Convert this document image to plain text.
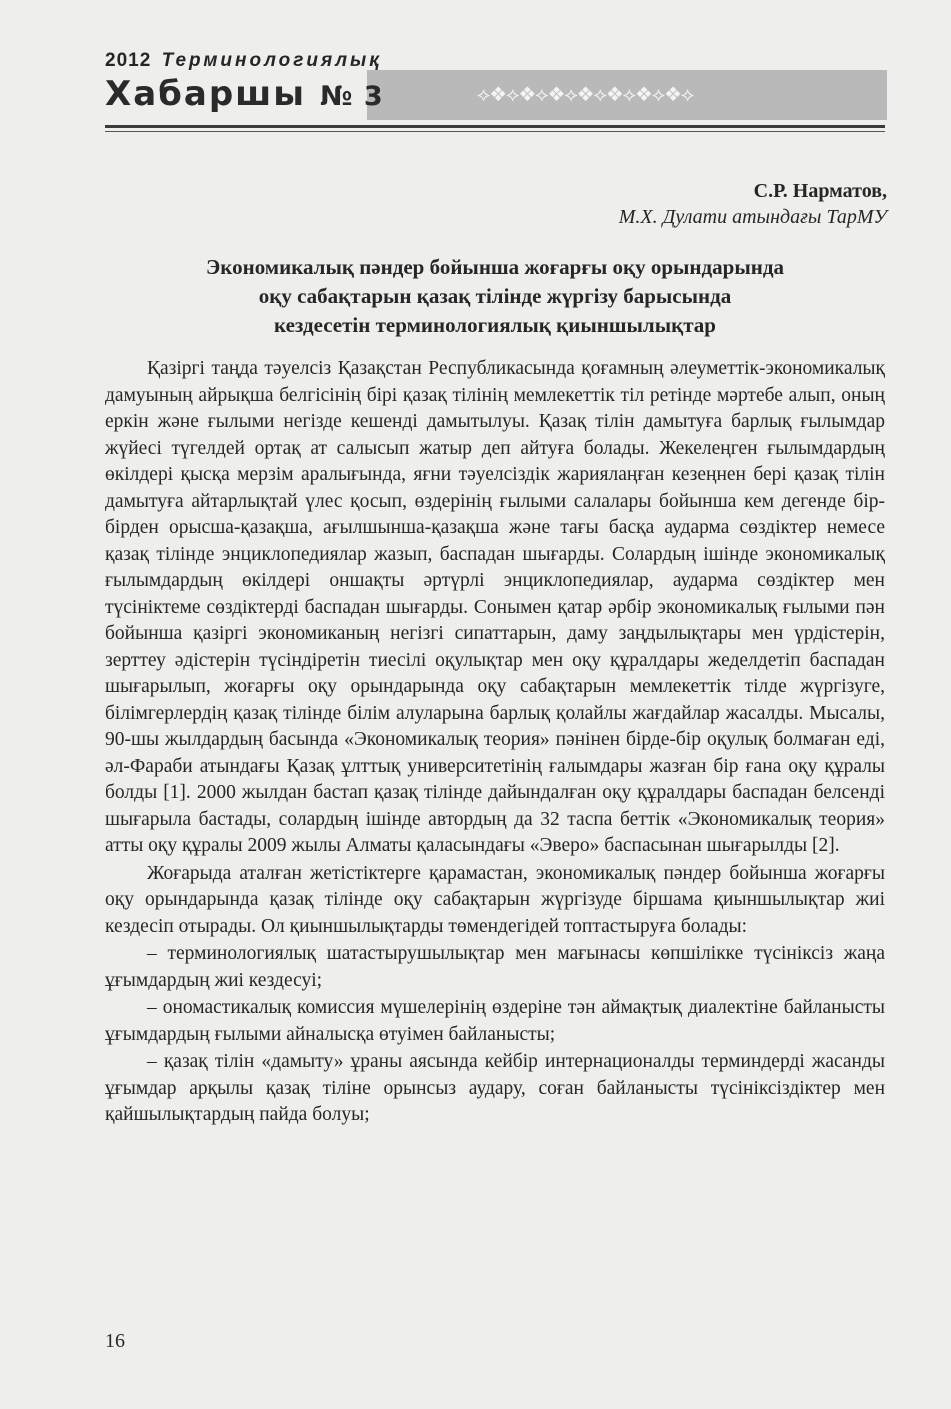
⟡❖⟡❖⟡❖⟡❖⟡❖⟡❖⟡❖⟡
2012 Терминологиялық
Хабаршы № 3
С.Р. Нарматов,
М.Х. Дулати атындағы ТарМУ
Экономикалық пәндер бойынша жоғарғы оқу орындарында
оқу сабақтарын қазақ тілінде жүргізу барысында
кездесетін терминологиялық қиыншылықтар

Қазіргі таңда тәуелсіз Қазақстан Республикасында қоғамның әлеуметтік-экономикалық дамуының айрықша белгісінің бірі қазақ тілінің мемлекеттік тіл ретінде мәртебе алып, оның еркін және ғылыми негізде кешенді дамытылуы. Қазақ тілін дамытуға барлық ғылымдар жүйесі түгелдей ортақ ат салысып жатыр деп айтуға болады. Жекелеңген ғылымдардың өкілдері қысқа мерзім аралығында, яғни тәуелсіздік жариялаңған кезеңнен бері қазақ тілін дамытуға айтарлықтай үлес қосып, өздерінің ғылыми салалары бойынша кем дегенде бір-бірден орысша-қазақша, ағылшынша-қазақша және тағы басқа аударма сөздіктер немесе қазақ тілінде энциклопедиялар жазып, баспадан шығарды. Солардың ішінде экономикалық ғылымдардың өкілдері оншақты әртүрлі энциклопедиялар, аударма сөздіктер мен түсініктеме сөздіктерді баспадан шығарды. Сонымен қатар әрбір экономикалық ғылыми пән бойынша қазіргі экономиканың негізгі сипаттарын, даму заңдылықтары мен үрдістерін, зерттеу әдістерін түсіндіретін тиесілі оқулықтар мен оқу құралдары жеделдетіп баспадан шығарылып, жоғарғы оқу орындарында оқу сабақтарын мемлекеттік тілде жүргізуге, білімгерлердің қазақ тілінде білім алуларына барлық қолайлы жағдайлар жасалды. Мысалы, 90-шы жылдардың басында «Экономикалық теория» пәнінен бірде-бір оқулық болмаған еді, әл-Фараби атындағы Қазақ ұлттық университетінің ғалымдары жазған бір ғана оқу құралы болды [1]. 2000 жылдан бастап қазақ тілінде дайындалған оқу құралдары баспадан белсенді шығарыла бастады, солардың ішінде автордың да 32 таспа беттік «Экономикалық теория» атты оқу құралы 2009 жылы Алматы қаласындағы «Эверо» баспасынан шығарылды [2].

Жоғарыда аталған жетістіктерге қарамастан, экономикалық пәндер бойынша жоғарғы оқу орындарында қазақ тілінде оқу сабақтарын жүргізуде біршама қиыншылықтар жиі кездесіп отырады. Ол қиыншылықтарды төмендегідей топтастыруға болады:

– терминологиялық шатастырушылықтар мен мағынасы көпшілікке түсініксіз жаңа ұғымдардың жиі кездесуі;

– ономастикалық комиссия мүшелерінің өздеріне тән аймақтық диалектіне байланысты ұғымдардың ғылыми айналысқа өтуімен байланысты;

– қазақ тілін «дамыту» ұраны аясында кейбір интернационалды терминдерді жасанды ұғымдар арқылы қазақ тіліне орынсыз аудару, соған байланысты түсініксіздіктер мен қайшылықтардың пайда болуы;

16
